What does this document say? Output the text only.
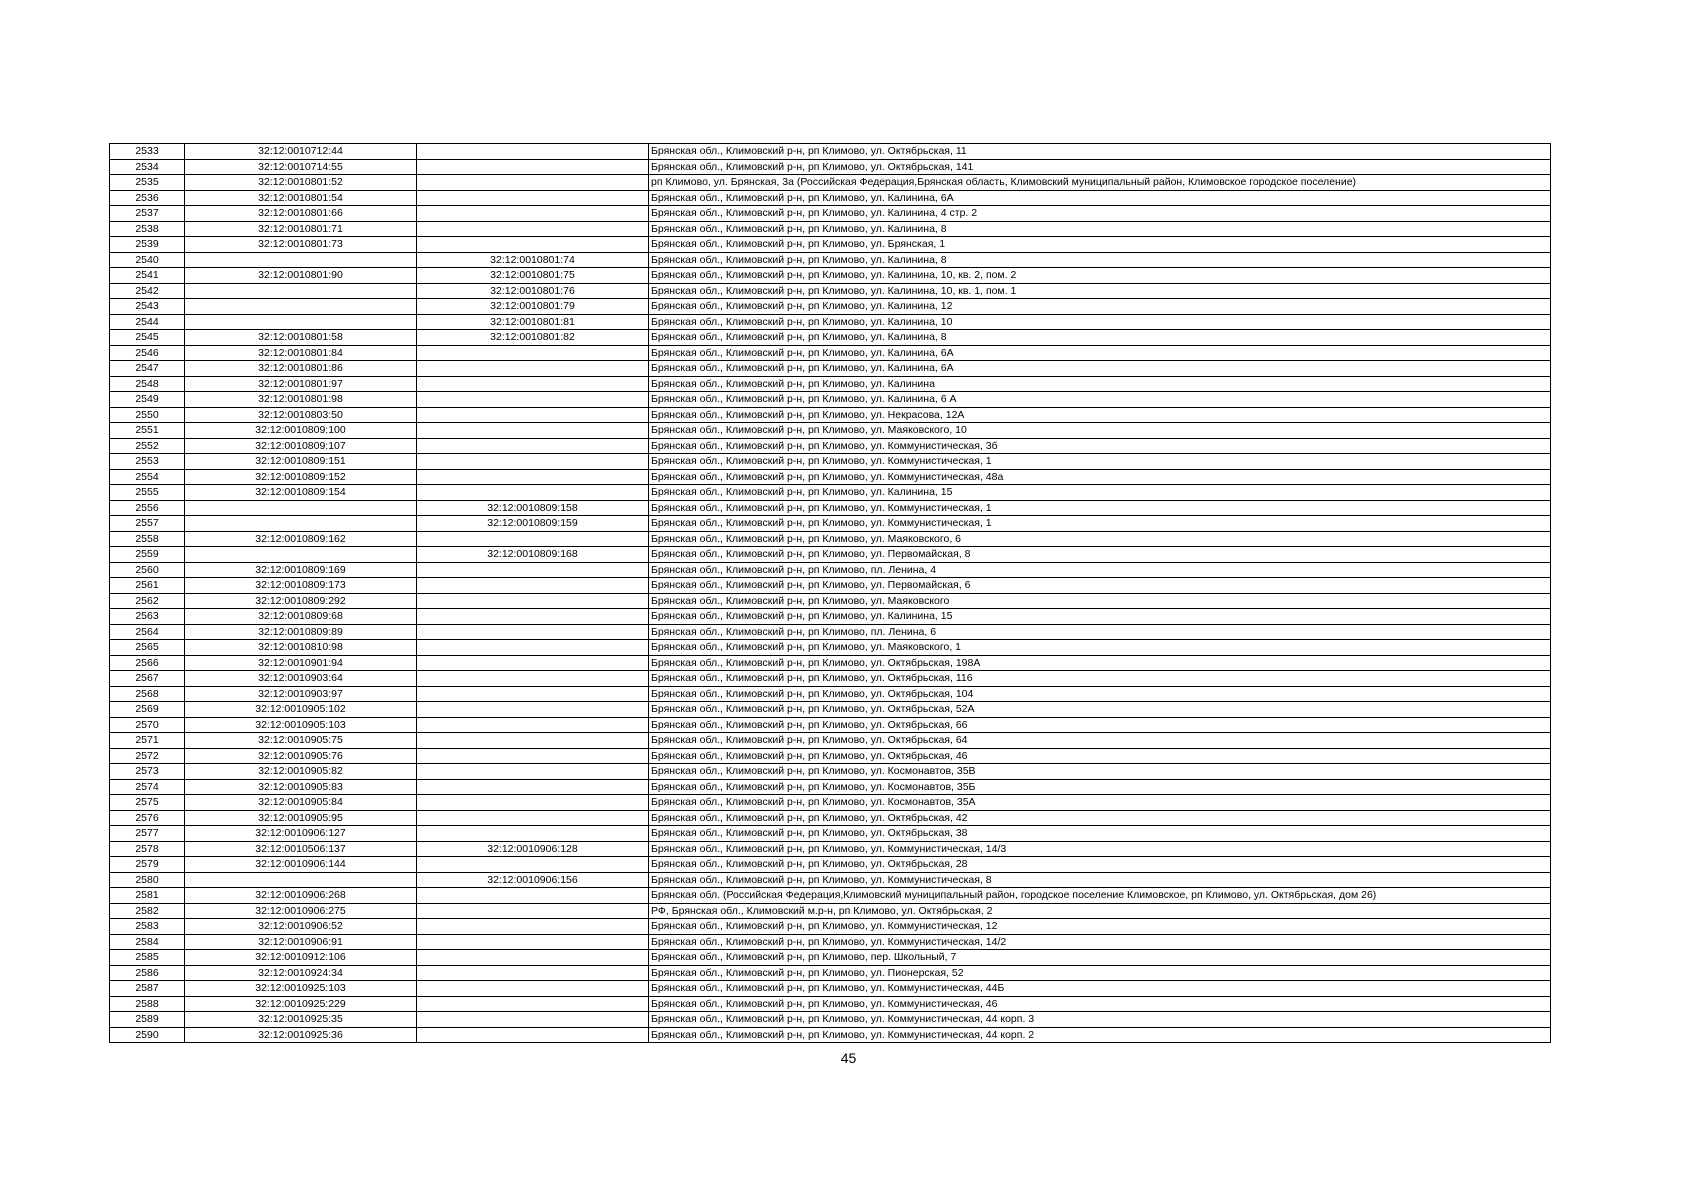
2533	32:12:0010712:44		Брянская обл., Климовский р-н, рп Климово, ул. Октябрьская, 11
2534	32:12:0010714:55		Брянская обл., Климовский р-н, рп Климово, ул. Октябрьская, 141
2535	32:12:0010801:52		рп Климово, ул. Брянская, 3а (Российская Федерация,Брянская область, Климовский муниципальный район, Климовское городское поселение)
2536	32:12:0010801:54		Брянская обл., Климовский р-н, рп Климово, ул. Калинина, 6А
2537	32:12:0010801:66		Брянская обл., Климовский р-н, рп Климово, ул. Калинина, 4 стр. 2
2538	32:12:0010801:71		Брянская обл., Климовский р-н, рп Климово, ул. Калинина, 8
2539	32:12:0010801:73		Брянская обл., Климовский р-н, рп Климово, ул. Брянская, 1
2540		32:12:0010801:74	Брянская обл., Климовский р-н, рп Климово, ул. Калинина, 8
2541	32:12:0010801:90	32:12:0010801:75	Брянская обл., Климовский р-н, рп Климово, ул. Калинина, 10, кв. 2, пом. 2
2542		32:12:0010801:76	Брянская обл., Климовский р-н, рп Климово, ул. Калинина, 10, кв. 1, пом. 1
2543		32:12:0010801:79	Брянская обл., Климовский р-н, рп Климово, ул. Калинина, 12
2544		32:12:0010801:81	Брянская обл., Климовский р-н, рп Климово, ул. Калинина, 10
2545	32:12:0010801:58	32:12:0010801:82	Брянская обл., Климовский р-н, рп Климово, ул. Калинина, 8
2546	32:12:0010801:84		Брянская обл., Климовский р-н, рп Климово, ул. Калинина, 6А
2547	32:12:0010801:86		Брянская обл., Климовский р-н, рп Климово, ул. Калинина, 6А
2548	32:12:0010801:97		Брянская обл., Климовский р-н, рп Климово, ул. Калинина
2549	32:12:0010801:98		Брянская обл., Климовский р-н, рп Климово, ул. Калинина, 6 А
2550	32:12:0010803:50		Брянская обл., Климовский р-н, рп Климово, ул. Некрасова, 12А
2551	32:12:0010809:100		Брянская обл., Климовский р-н, рп Климово, ул. Маяковского, 10
2552	32:12:0010809:107		Брянская обл., Климовский р-н, рп Климово, ул. Коммунистическая, 3б
2553	32:12:0010809:151		Брянская обл., Климовский р-н, рп Климово, ул. Коммунистическая, 1
2554	32:12:0010809:152		Брянская обл., Климовский р-н, рп Климово, ул. Коммунистическая, 48а
2555	32:12:0010809:154		Брянская обл., Климовский р-н, рп Климово, ул. Калинина, 15
2556		32:12:0010809:158	Брянская обл., Климовский р-н, рп Климово, ул. Коммунистическая, 1
2557		32:12:0010809:159	Брянская обл., Климовский р-н, рп Климово, ул. Коммунистическая, 1
2558	32:12:0010809:162		Брянская обл., Климовский р-н, рп Климово, ул. Маяковского, 6
2559		32:12:0010809:168	Брянская обл., Климовский р-н, рп Климово, ул. Первомайская, 8
2560	32:12:0010809:169		Брянская обл., Климовский р-н, рп Климово, пл. Ленина, 4
2561	32:12:0010809:173		Брянская обл., Климовский р-н, рп Климово, ул. Первомайская, 6
2562	32:12:0010809:292		Брянская обл., Климовский р-н, рп Климово, ул. Маяковского
2563	32:12:0010809:68		Брянская обл., Климовский р-н, рп Климово, ул. Калинина, 15
2564	32:12:0010809:89		Брянская обл., Климовский р-н, рп Климово, пл. Ленина, 6
2565	32:12:0010810:98		Брянская обл., Климовский р-н, рп Климово, ул. Маяковского, 1
2566	32:12:0010901:94		Брянская обл., Климовский р-н, рп Климово, ул. Октябрьская, 198А
2567	32:12:0010903:64		Брянская обл., Климовский р-н, рп Климово, ул. Октябрьская, 116
2568	32:12:0010903:97		Брянская обл., Климовский р-н, рп Климово, ул. Октябрьская, 104
2569	32:12:0010905:102		Брянская обл., Климовский р-н, рп Климово, ул. Октябрьская, 52А
2570	32:12:0010905:103		Брянская обл., Климовский р-н, рп Климово, ул. Октябрьская, 66
2571	32:12:0010905:75		Брянская обл., Климовский р-н, рп Климово, ул. Октябрьская, 64
2572	32:12:0010905:76		Брянская обл., Климовский р-н, рп Климово, ул. Октябрьская, 46
2573	32:12:0010905:82		Брянская обл., Климовский р-н, рп Климово, ул. Космонавтов, 35В
2574	32:12:0010905:83		Брянская обл., Климовский р-н, рп Климово, ул. Космонавтов, 35Б
2575	32:12:0010905:84		Брянская обл., Климовский р-н, рп Климово, ул. Космонавтов, 35А
2576	32:12:0010905:95		Брянская обл., Климовский р-н, рп Климово, ул. Октябрьская, 42
2577	32:12:0010906:127		Брянская обл., Климовский р-н, рп Климово, ул. Октябрьская, 38
2578	32:12:0010506:137	32:12:0010906:128	Брянская обл., Климовский р-н, рп Климово, ул. Коммунистическая, 14/3
2579	32:12:0010906:144		Брянская обл., Климовский р-н, рп Климово, ул. Октябрьская, 28
2580		32:12:0010906:156	Брянская обл., Климовский р-н, рп Климово, ул. Коммунистическая, 8
2581	32:12:0010906:268		Брянская обл. (Российская Федерация,Климовский муниципальный район, городское поселение Климовское, рп Климово, ул. Октябрьская, дом 26)
2582	32:12:0010906:275		РФ, Брянская обл., Климовский м.р-н, рп Климово, ул. Октябрьская, 2
2583	32:12:0010906:52		Брянская обл., Климовский р-н, рп Климово, ул. Коммунистическая, 12
2584	32:12:0010906:91		Брянская обл., Климовский р-н, рп Климово, ул. Коммунистическая, 14/2
2585	32:12:0010912:106		Брянская обл., Климовский р-н, рп Климово, пер. Школьный, 7
2586	32:12:0010924:34		Брянская обл., Климовский р-н, рп Климово, ул. Пионерская, 52
2587	32:12:0010925:103		Брянская обл., Климовский р-н, рп Климово, ул. Коммунистическая, 44Б
2588	32:12:0010925:229		Брянская обл., Климовский р-н, рп Климово, ул. Коммунистическая, 46
2589	32:12:0010925:35		Брянская обл., Климовский р-н, рп Климово, ул. Коммунистическая, 44 корп. 3
2590	32:12:0010925:36		Брянская обл., Климовский р-н, рп Климово, ул. Коммунистическая, 44 корп. 2
45
